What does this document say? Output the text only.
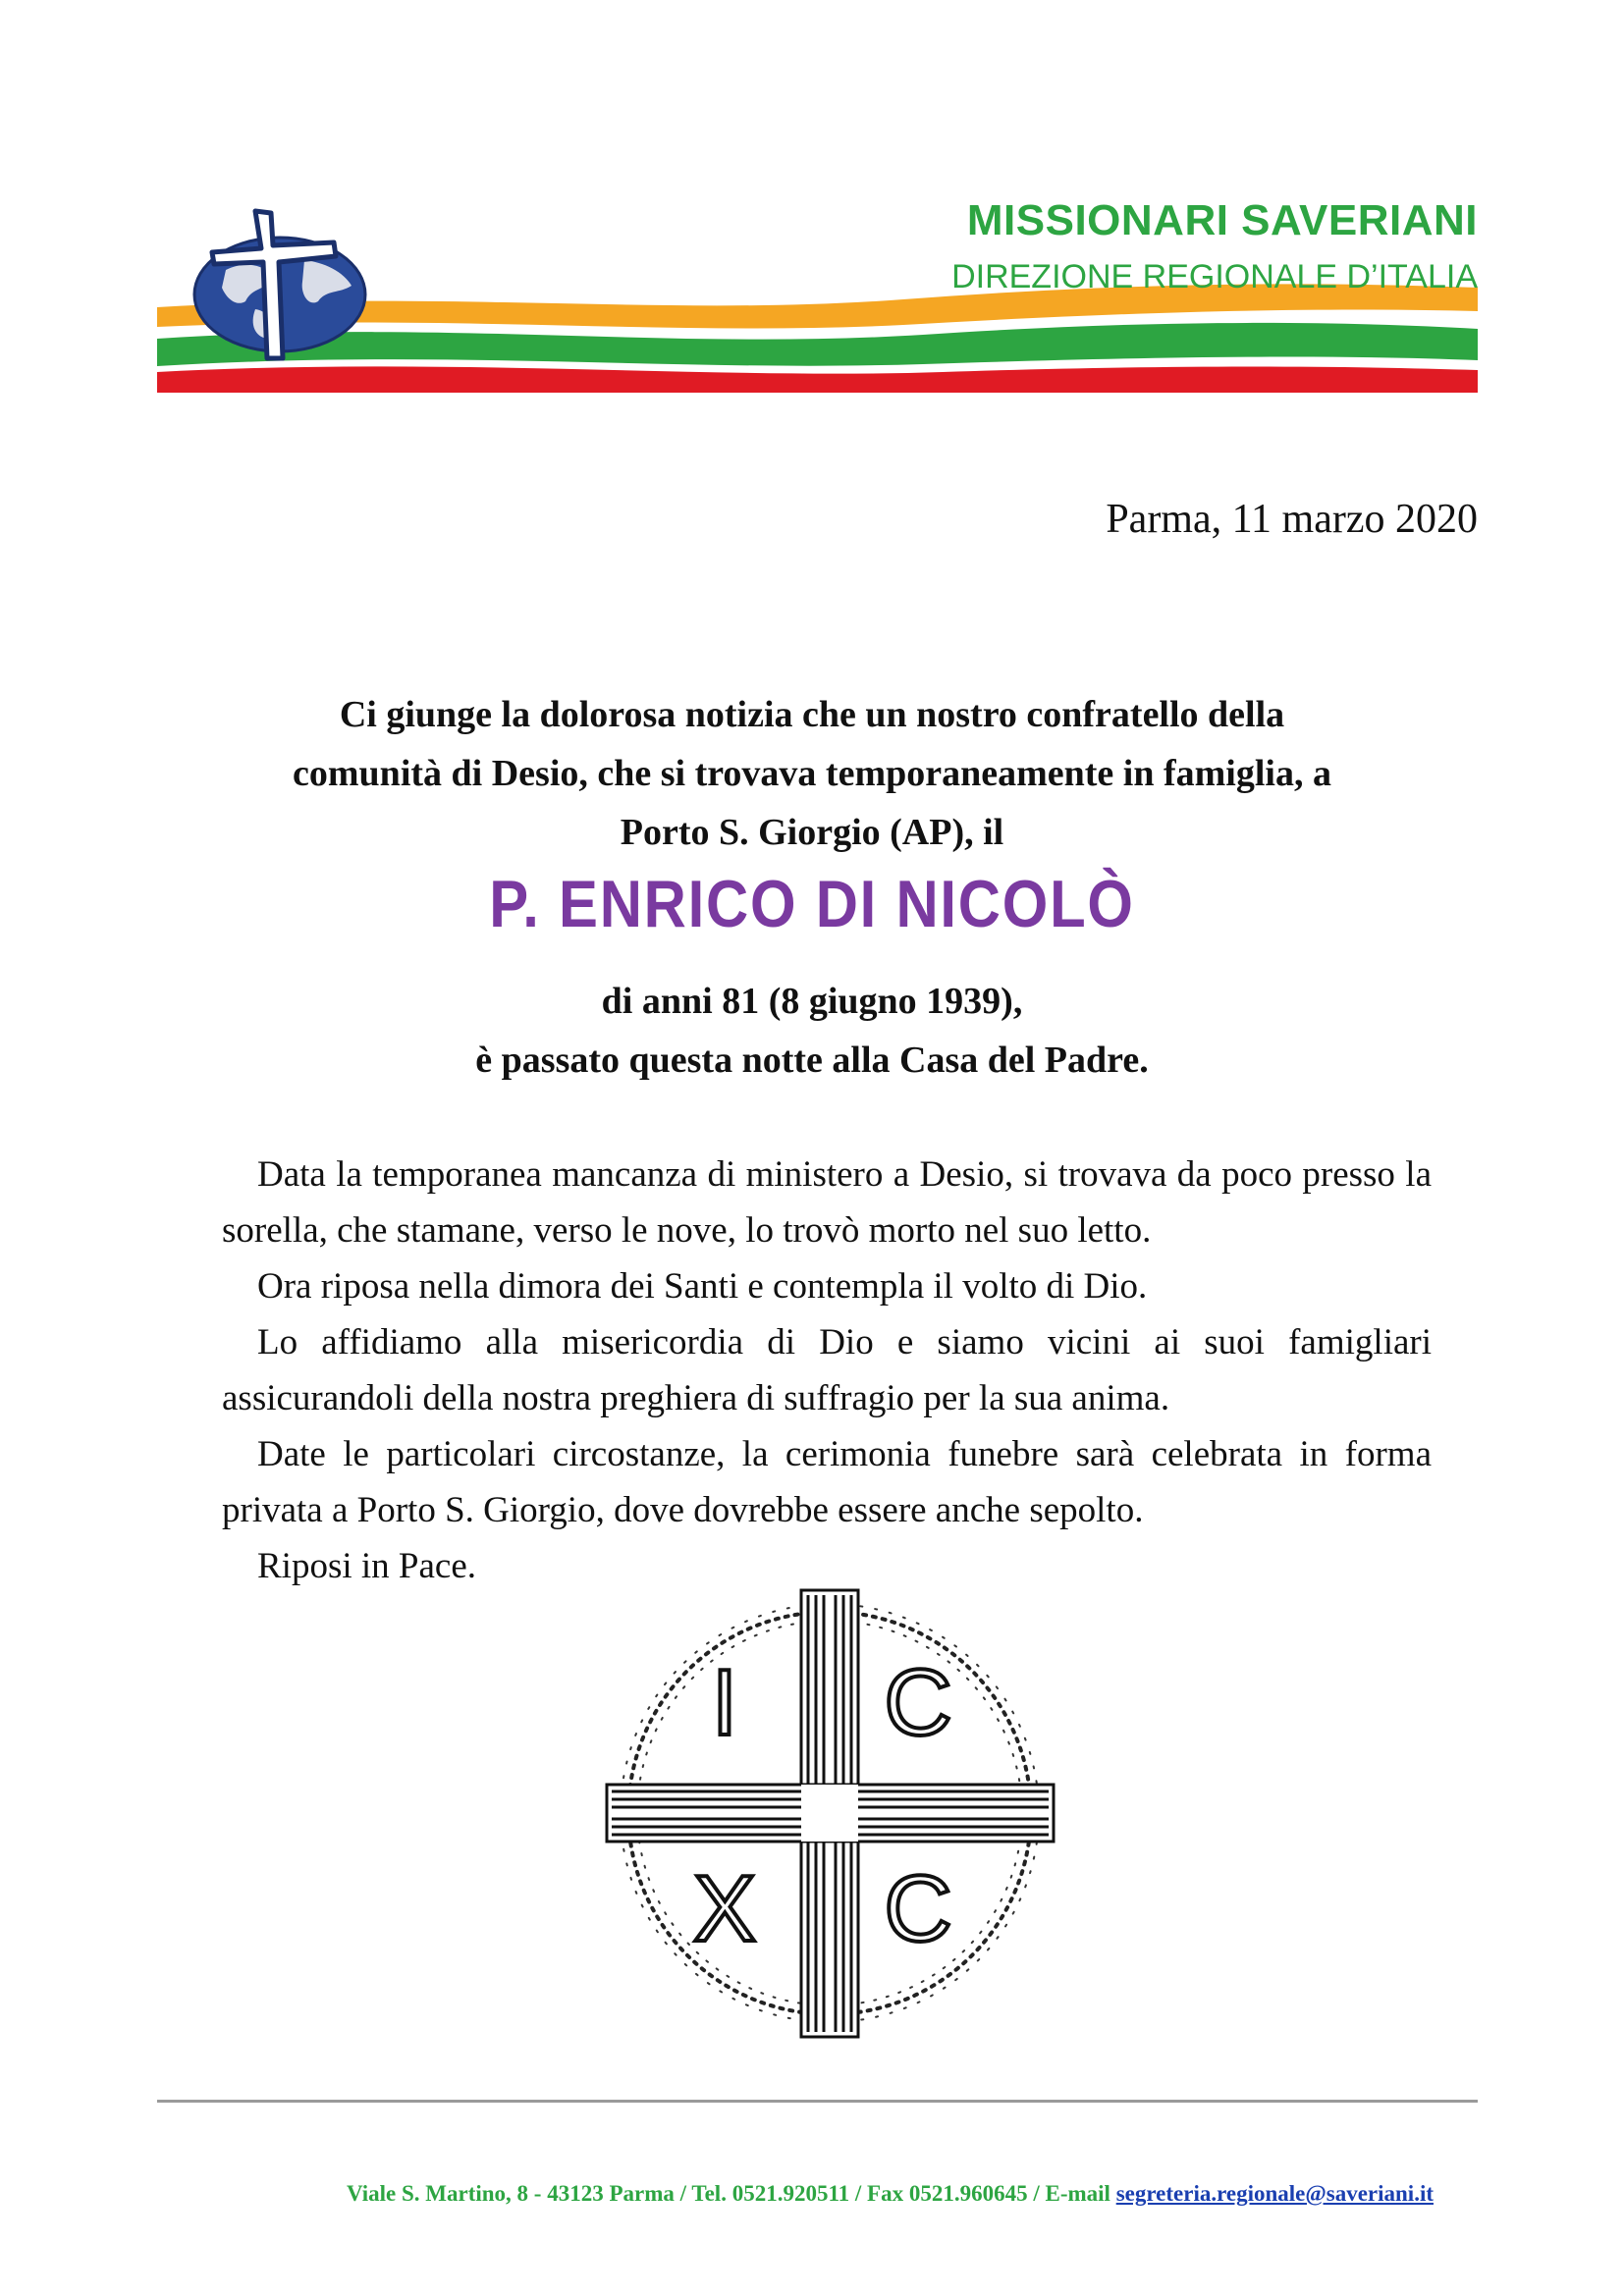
MISSIONARI SAVERIANI
DIREZIONE REGIONALE D’ITALIA
Parma, 11 marzo 2020
Ci giunge la dolorosa notizia che un nostro confratello della
comunità di Desio, che si trovava temporaneamente in famiglia, a
Porto S. Giorgio (AP), il
P. ENRICO DI NICOLÒ
di anni 81 (8 giugno 1939),
è passato questa notte alla Casa del Padre.

Data la temporanea mancanza di ministero a Desio, si trovava da poco presso la sorella, che stamane, verso le nove, lo trovò morto nel suo letto.

Ora riposa nella dimora dei Santi e contempla il volto di Dio.

Lo affidiamo alla misericordia di Dio e siamo vicini ai suoi famigliari assicurandoli della nostra preghiera di suffragio per la sua anima.

Date le particolari circostanze, la cerimonia funebre sarà celebrata in forma privata a Porto S. Giorgio, dove dovrebbe essere anche sepolto.

Riposi in Pace.

I C
X C
Viale S. Martino, 8 - 43123 Parma / Tel. 0521.920511 / Fax 0521.960645 / E-mail segreteria.regionale@saveriani.it
